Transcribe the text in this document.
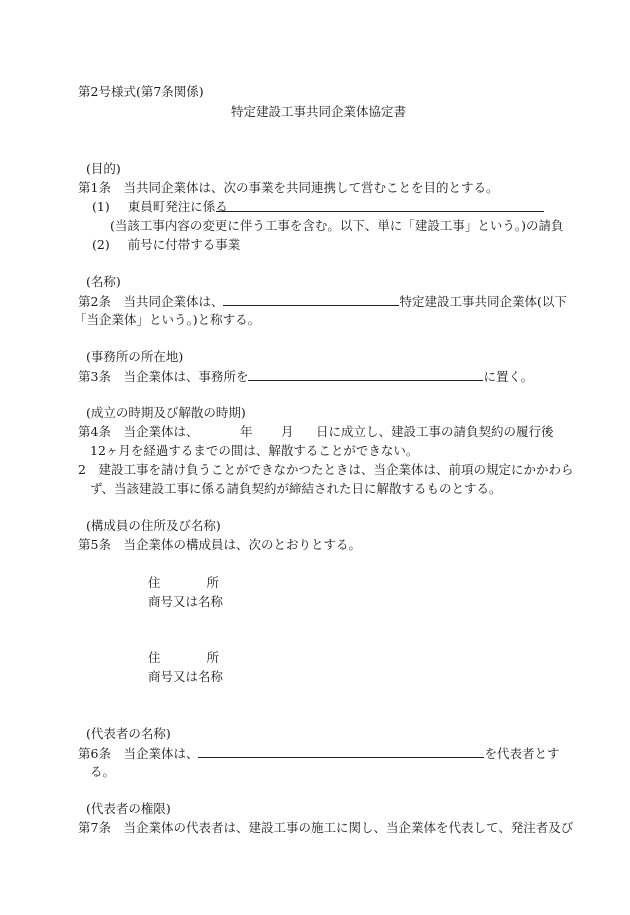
第2号様式(第7条関係)
特定建設工事共同企業体協定書
(目的)
第1条　当共同企業体は、次の事業を共同連携して営むことを目的とする。
(1) 東員町発注に係る
(当該工事内容の変更に伴う工事を含む。以下、単に「建設工事」という。)の請負
(2) 前号に付帯する事業
(名称)
第2条　当共同企業体は、	特定建設工事共同企業体(以下
「当企業体」という。)と称する。
(事務所の所在地)
第3条　当企業体は、事務所を	に置く。
(成立の時期及び解散の時期)
第4条　当企業体は、	年 月 日に成立し、建設工事の請負契約の履行後
12ヶ月を経過するまでの間は、解散することができない。
2　建設工事を請け負うことができなかつたときは、当企業体は、前項の規定にかかわら
ず、当該建設工事に係る請負契約が締結された日に解散するものとする。
(構成員の住所及び名称)
第5条　当企業体の構成員は、次のとおりとする。
住	所
商号又は名称
住	所
商号又は名称
(代表者の名称)
第6条　当企業体は、	を代表者とす
る。
(代表者の権限)
第7条　当企業体の代表者は、建設工事の施工に関し、当企業体を代表して、発注者及び
